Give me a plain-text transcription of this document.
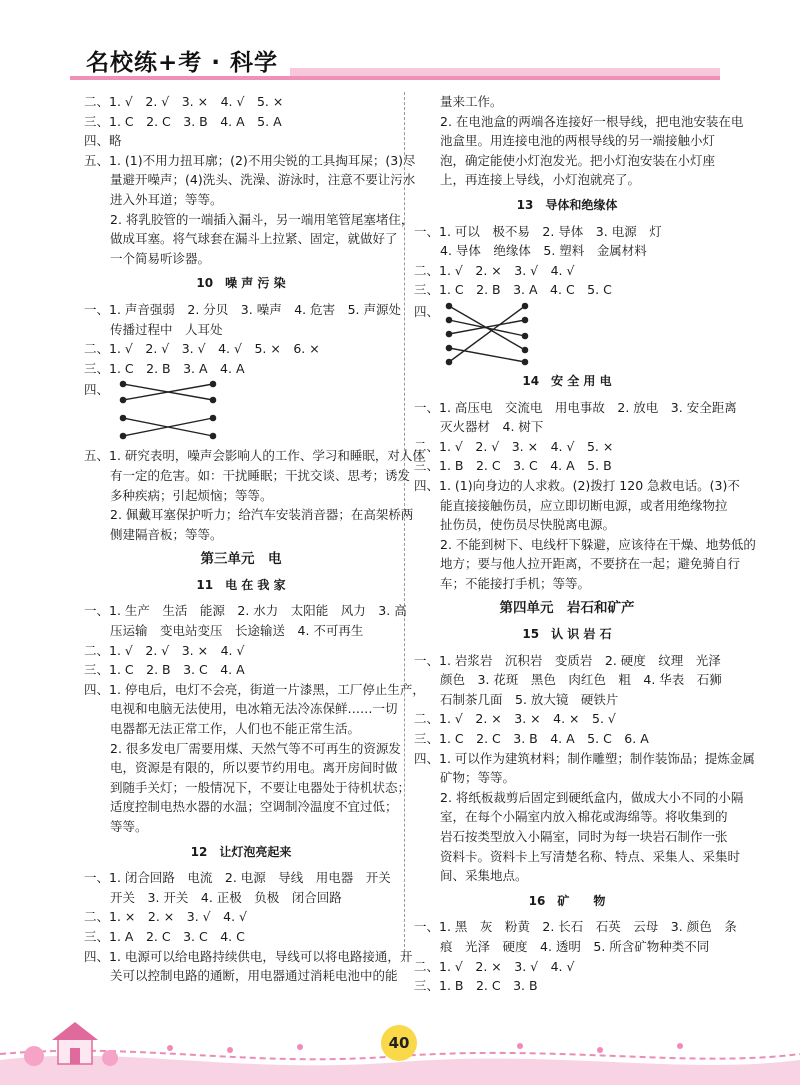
名校练+考 · 科学
二、1. √　2. √　3. ×　4. √　5. ×
三、1. C　2. C　3. B　4. A　5. A
四、略
五、1. (1)不用力扭耳廓；(2)不用尖锐的工具掏耳屎；(3)尽
量避开噪声；(4)洗头、洗澡、游泳时，注意不要让污水
进入外耳道；等等。
2. 将乳胶管的一端插入漏斗，另一端用笔管尾塞堵住，
做成耳塞。将气球套在漏斗上拉紧、固定，就做好了
一个简易听诊器。
10　噪 声 污 染
一、1. 声音强弱　2. 分贝　3. 噪声　4. 危害　5. 声源处
传播过程中　人耳处
二、1. √　2. √　3. √　4. √　5. ×　6. ×
三、1. C　2. B　3. A　4. A
四、
五、1. 研究表明，噪声会影响人的工作、学习和睡眠，对人体
有一定的危害。如：干扰睡眠；干扰交谈、思考；诱发
多种疾病；引起烦恼；等等。
2. 佩戴耳塞保护听力；给汽车安装消音器；在高架桥两
侧建隔音板；等等。
第三单元　电
11　电 在 我 家
一、1. 生产　生活　能源　2. 水力　太阳能　风力　3. 高
压运输　变电站变压　长途输送　4. 不可再生
二、1. √　2. √　3. ×　4. √
三、1. C　2. B　3. C　4. A
四、1. 停电后，电灯不会亮，街道一片漆黑，工厂停止生产，
电视和电脑无法使用，电冰箱无法冷冻保鲜……一切
电器都无法正常工作，人们也不能正常生活。
2. 很多发电厂需要用煤、天然气等不可再生的资源发
电，资源是有限的，所以要节约用电。离开房间时做
到随手关灯；一般情况下，不要让电器处于待机状态；
适度控制电热水器的水温；空调制冷温度不宜过低；
等等。
12　让灯泡亮起来
一、1. 闭合回路　电流　2. 电源　导线　用电器　开关
开关　3. 开关　4. 正极　负极　闭合回路
二、1. ×　2. ×　3. √　4. √
三、1. A　2. C　3. C　4. C
四、1. 电源可以给电路持续供电，导线可以将电路接通，开
关可以控制电路的通断，用电器通过消耗电池中的能
量来工作。
2. 在电池盒的两端各连接好一根导线，把电池安装在电
池盒里。用连接电池的两根导线的另一端接触小灯
泡，确定能使小灯泡发光。把小灯泡安装在小灯座
上，再连接上导线，小灯泡就亮了。
13　导体和绝缘体
一、1. 可以　极不易　2. 导体　3. 电源　灯
4. 导体　绝缘体　5. 塑料　金属材料
二、1. √　2. ×　3. √　4. √
三、1. C　2. B　3. A　4. C　5. C
四、
14　安 全 用 电
一、1. 高压电　交流电　用电事故　2. 放电　3. 安全距离
灭火器材　4. 树下
二、1. √　2. √　3. ×　4. √　5. ×
三、1. B　2. C　3. C　4. A　5. B
四、1. (1)向身边的人求救。(2)拨打 120 急救电话。(3)不
能直接接触伤员，应立即切断电源，或者用绝缘物拉
扯伤员，使伤员尽快脱离电源。
2. 不能到树下、电线杆下躲避，应该待在干燥、地势低的
地方；要与他人拉开距离，不要挤在一起；避免骑自行
车；不能接打手机；等等。
第四单元　岩石和矿产
15　认 识 岩 石
一、1. 岩浆岩　沉积岩　变质岩　2. 硬度　纹理　光泽
颜色　3. 花斑　黑色　肉红色　粗　4. 华表　石狮
石制茶几面　5. 放大镜　硬铁片
二、1. √　2. ×　3. ×　4. ×　5. √
三、1. C　2. C　3. B　4. A　5. C　6. A
四、1. 可以作为建筑材料；制作雕塑；制作装饰品；提炼金属
矿物；等等。
2. 将纸板裁剪后固定到硬纸盒内，做成大小不同的小隔
室，在每个小隔室内放入棉花或海绵等。将收集到的
岩石按类型放入小隔室，同时为每一块岩石制作一张
资料卡。资料卡上写清楚名称、特点、采集人、采集时
间、采集地点。
16　矿　　物
一、1. 黑　灰　粉黄　2. 长石　石英　云母　3. 颜色　条
痕　光泽　硬度　4. 透明　5. 所含矿物种类不同
二、1. √　2. ×　3. √　4. √
三、1. B　2. C　3. B
40
